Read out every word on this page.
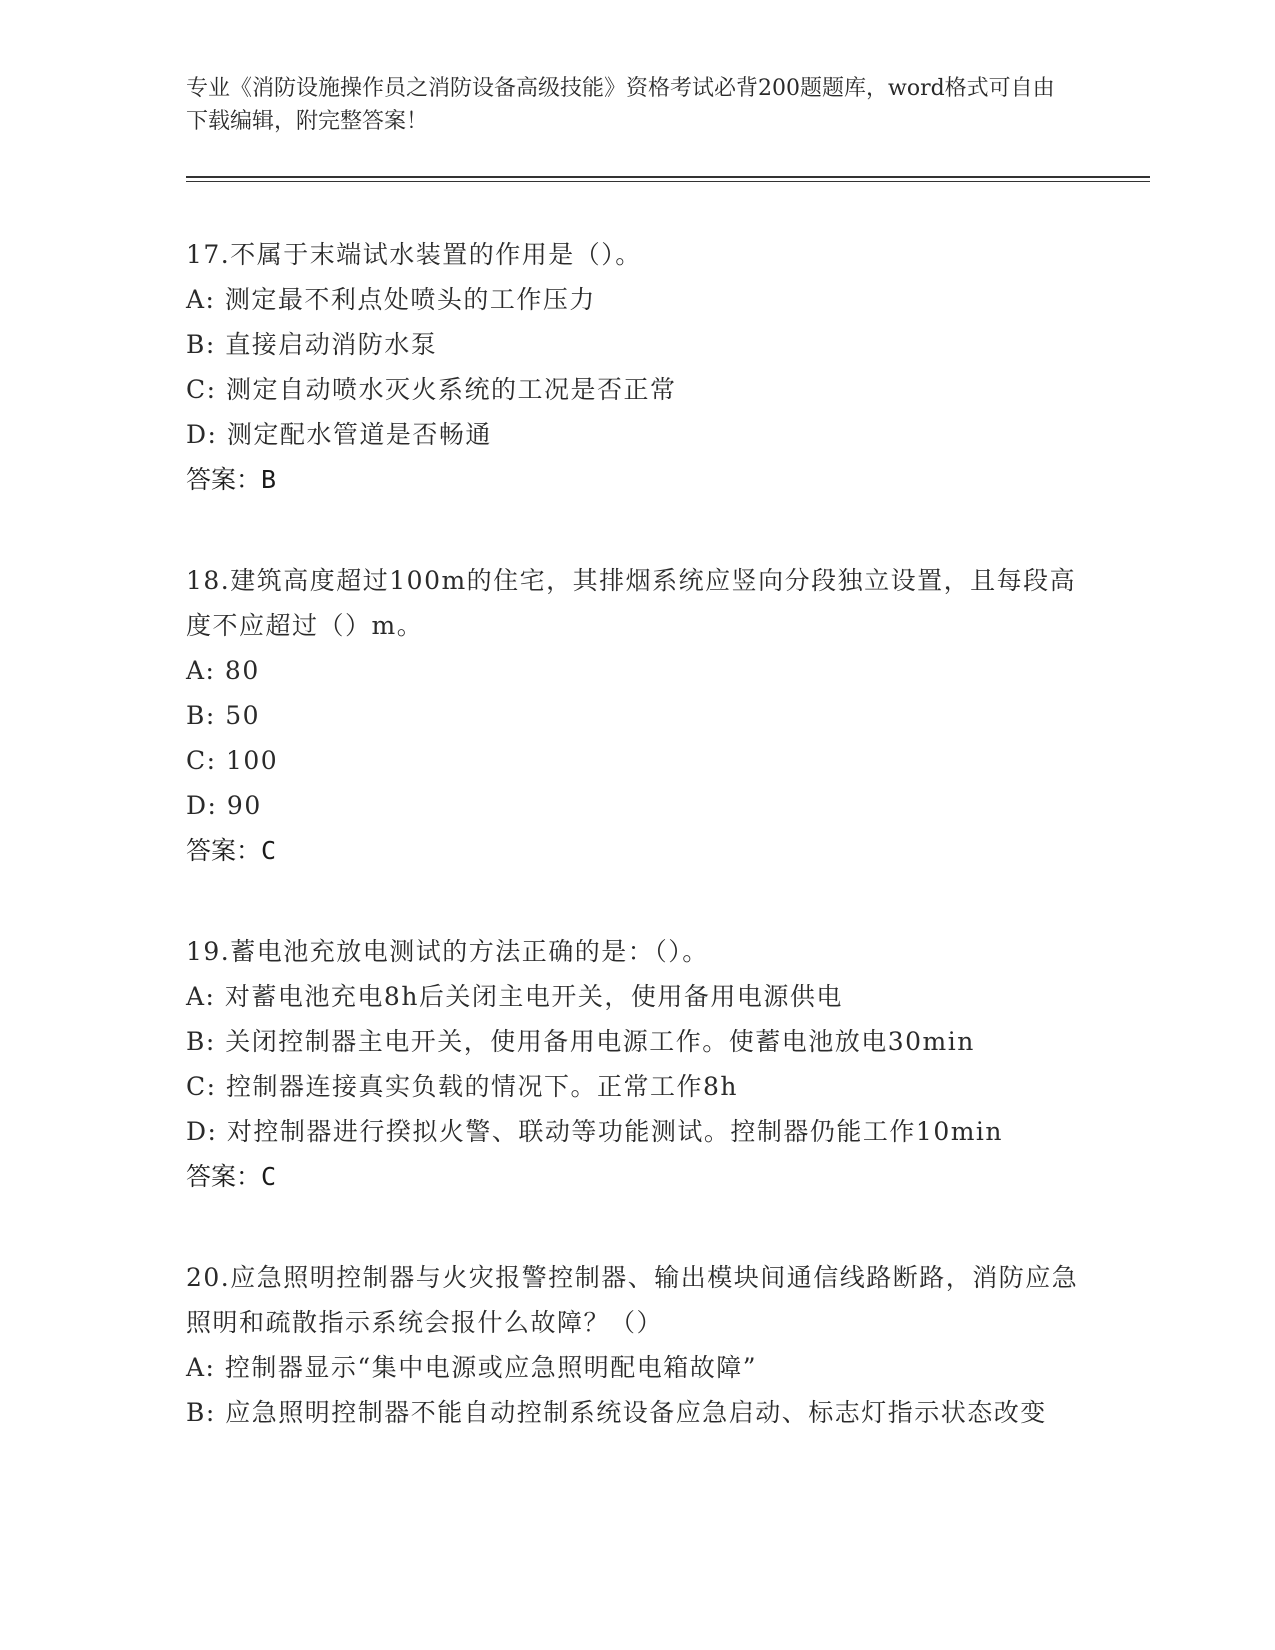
专业《消防设施操作员之消防设备高级技能》资格考试必背200题题库，word格式可自由下载编辑，附完整答案！
17.不属于末端试水装置的作用是（）。
A: 测定最不利点处喷头的工作压力
B: 直接启动消防水泵
C: 测定自动喷水灭火系统的工况是否正常
D: 测定配水管道是否畅通
答案：B
18.建筑高度超过100m的住宅，其排烟系统应竖向分段独立设置，且每段高度不应超过（）m。
A: 80
B: 50
C: 100
D: 90
答案：C
19.蓄电池充放电测试的方法正确的是：（）。
A: 对蓄电池充电8h后关闭主电开关，使用备用电源供电
B: 关闭控制器主电开关，使用备用电源工作。使蓄电池放电30min
C: 控制器连接真实负载的情况下。正常工作8h
D: 对控制器进行揆拟火警、联动等功能测试。控制器仍能工作10min
答案：C
20.应急照明控制器与火灾报警控制器、输出模块间通信线路断路，消防应急照明和疏散指示系统会报什么故障？（）
A: 控制器显示“集中电源或应急照明配电箱故障”
B: 应急照明控制器不能自动控制系统设备应急启动、标志灯指示状态改变
